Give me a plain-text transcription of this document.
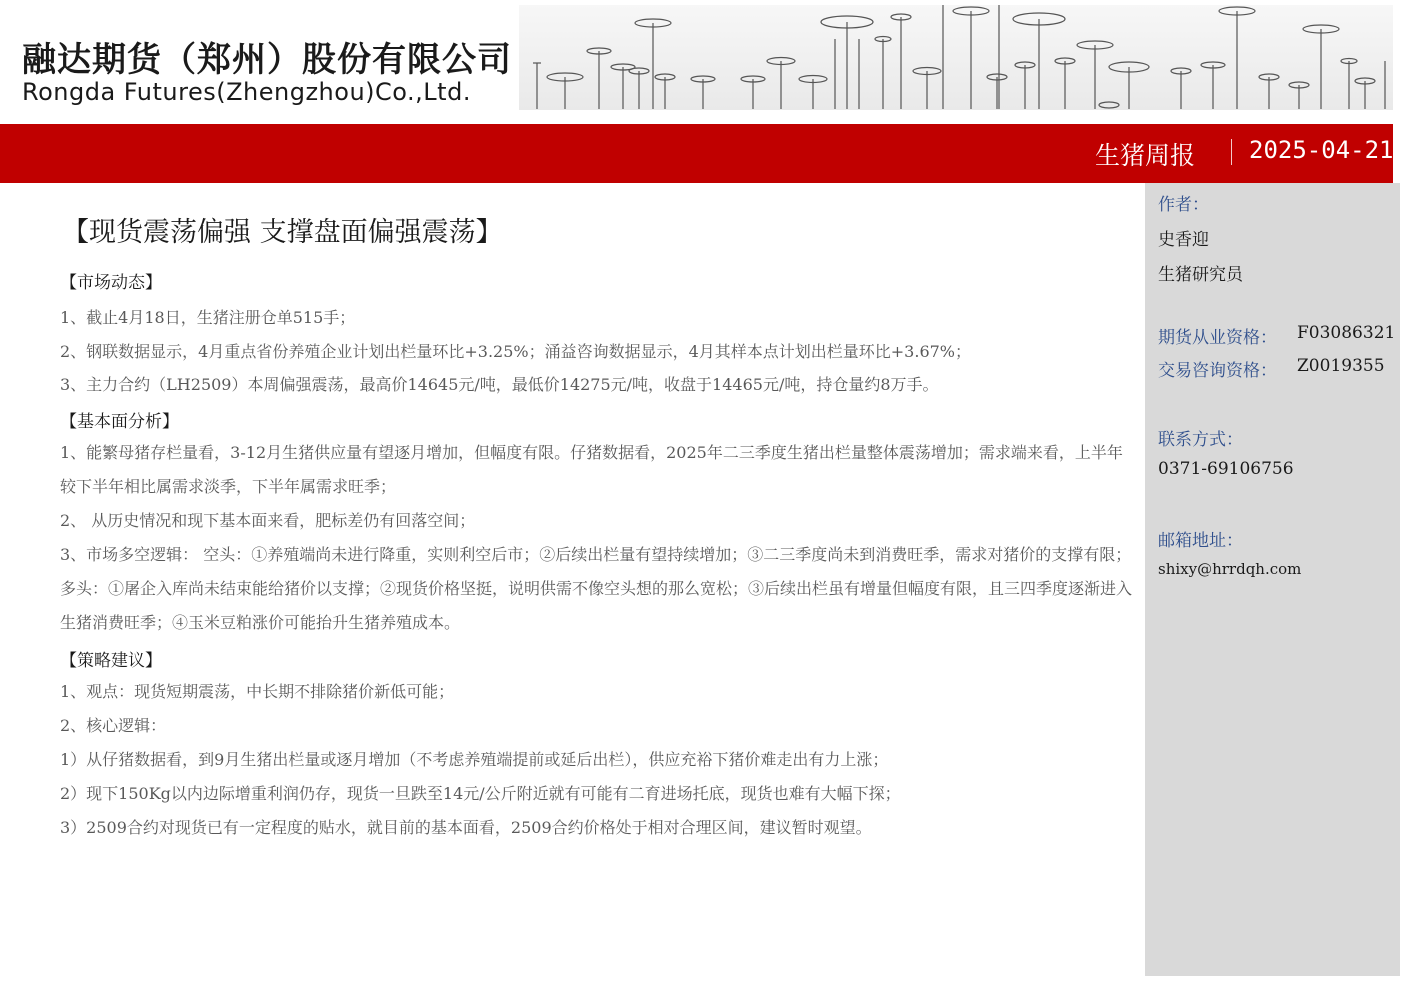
融达期货（郑州）股份有限公司
Rongda Futures(Zhengzhou)Co.,Ltd.
生猪周报 2025-04-21
作者：
史香迎
生猪研究员
期货从业资格： F03086321
交易咨询资格： Z0019355
联系方式：
0371-69106756
邮箱地址：
shixy@hrrdqh.com
【现货震荡偏强 支撑盘面偏强震荡】
【市场动态】
1、截止4月18日，生猪注册仓单515手；
2、钢联数据显示，4月重点省份养殖企业计划出栏量环比+3.25%；涌益咨询数据显示，4月其样本点计划出栏量环比+3.67%；
3、主力合约（LH2509）本周偏强震荡，最高价14645元/吨，最低价14275元/吨，收盘于14465元/吨，持仓量约8万手。
【基本面分析】
1、能繁母猪存栏量看，3-12月生猪供应量有望逐月增加，但幅度有限。仔猪数据看，2025年二三季度生猪出栏量整体震荡增加；需求端来看，上半年较下半年相比属需求淡季，下半年属需求旺季；
2、 从历史情况和现下基本面来看，肥标差仍有回落空间；
3、市场多空逻辑： 空头：①养殖端尚未进行降重，实则利空后市；②后续出栏量有望持续增加；③二三季度尚未到消费旺季，需求对猪价的支撑有限；多头：①屠企入库尚未结束能给猪价以支撑；②现货价格坚挺，说明供需不像空头想的那么宽松；③后续出栏虽有增量但幅度有限，且三四季度逐渐进入生猪消费旺季；④玉米豆粕涨价可能抬升生猪养殖成本。
【策略建议】
1、观点：现货短期震荡，中长期不排除猪价新低可能；
2、核心逻辑：
1）从仔猪数据看，到9月生猪出栏量或逐月增加（不考虑养殖端提前或延后出栏），供应充裕下猪价难走出有力上涨；
2）现下150Kg以内边际增重利润仍存，现货一旦跌至14元/公斤附近就有可能有二育进场托底，现货也难有大幅下探；
3）2509合约对现货已有一定程度的贴水，就目前的基本面看，2509合约价格处于相对合理区间，建议暂时观望。
